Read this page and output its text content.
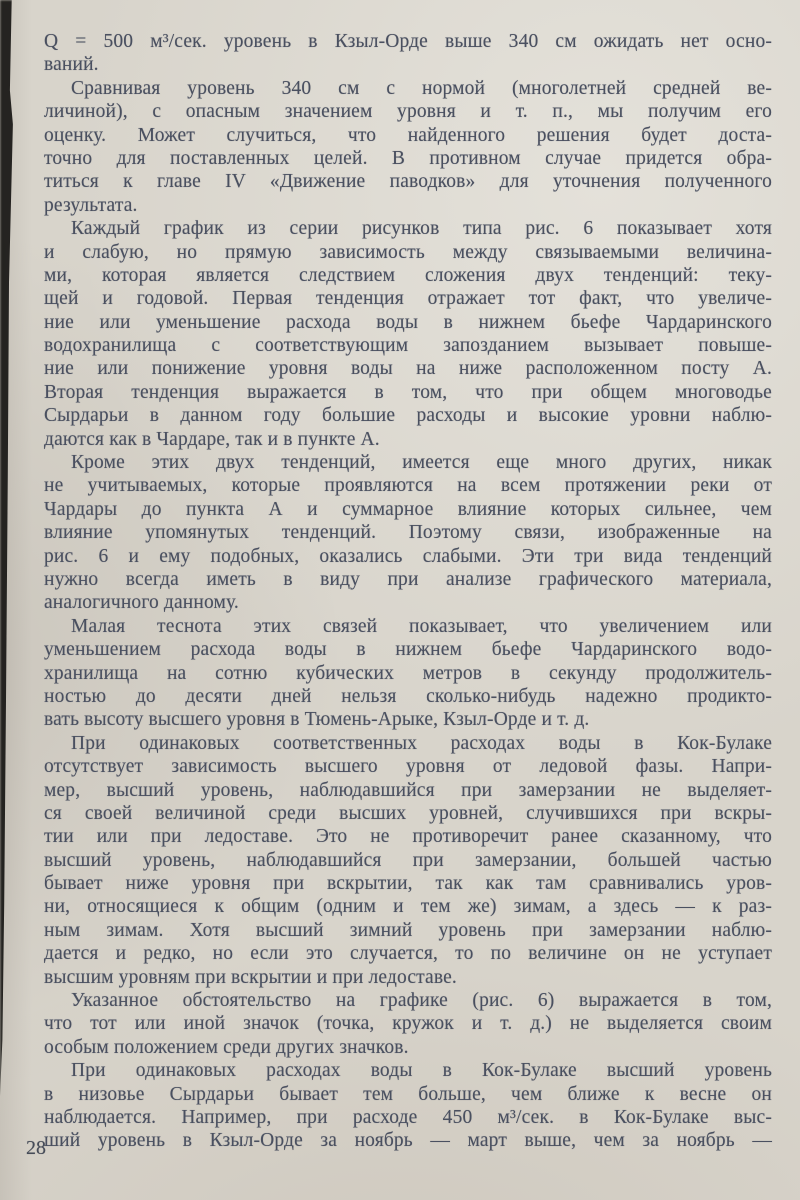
Q = 500 м³/сек. уровень в Кзыл-Орде выше 340 см ожидать нет осно-
ваний.
Сравнивая уровень 340 см с нормой (многолетней средней ве-
личиной), с опасным значением уровня и т. п., мы получим его
оценку. Может случиться, что найденного решения будет доста-
точно для поставленных целей. В противном случае придется обра-
титься к главе IV «Движение паводков» для уточнения полученного
результата.
Каждый график из серии рисунков типа рис. 6 показывает хотя
и слабую, но прямую зависимость между связываемыми величина-
ми, которая является следствием сложения двух тенденций: теку-
щей и годовой. Первая тенденция отражает тот факт, что увеличе-
ние или уменьшение расхода воды в нижнем бьефе Чардаринского
водохранилища с соответствующим запозданием вызывает повыше-
ние или понижение уровня воды на ниже расположенном посту А.
Вторая тенденция выражается в том, что при общем многоводье
Сырдарьи в данном году большие расходы и высокие уровни наблю-
даются как в Чардаре, так и в пункте А.
Кроме этих двух тенденций, имеется еще много других, никак
не учитываемых, которые проявляются на всем протяжении реки от
Чардары до пункта А и суммарное влияние которых сильнее, чем
влияние упомянутых тенденций. Поэтому связи, изображенные на
рис. 6 и ему подобных, оказались слабыми. Эти три вида тенденций
нужно всегда иметь в виду при анализе графического материала,
аналогичного данному.
Малая теснота этих связей показывает, что увеличением или
уменьшением расхода воды в нижнем бьефе Чардаринского водо-
хранилища на сотню кубических метров в секунду продолжитель-
ностью до десяти дней нельзя сколько-нибудь надежно продикто-
вать высоту высшего уровня в Тюмень-Арыке, Кзыл-Орде и т. д.
При одинаковых соответственных расходах воды в Кок-Булаке
отсутствует зависимость высшего уровня от ледовой фазы. Напри-
мер, высший уровень, наблюдавшийся при замерзании не выделяет-
ся своей величиной среди высших уровней, случившихся при вскры-
тии или при ледоставе. Это не противоречит ранее сказанному, что
высший уровень, наблюдавшийся при замерзании, большей частью
бывает ниже уровня при вскрытии, так как там сравнивались уров-
ни, относящиеся к общим (одним и тем же) зимам, а здесь — к раз-
ным зимам. Хотя высший зимний уровень при замерзании наблю-
дается и редко, но если это случается, то по величине он не уступает
высшим уровням при вскрытии и при ледоставе.
Указанное обстоятельство на графике (рис. 6) выражается в том,
что тот или иной значок (точка, кружок и т. д.) не выделяется своим
особым положением среди других значков.
При одинаковых расходах воды в Кок-Булаке высший уровень
в низовье Сырдарьи бывает тем больше, чем ближе к весне он
наблюдается. Например, при расходе 450 м³/сек. в Кок-Булаке выс-
ший уровень в Кзыл-Орде за ноябрь — март выше, чем за ноябрь —
28
